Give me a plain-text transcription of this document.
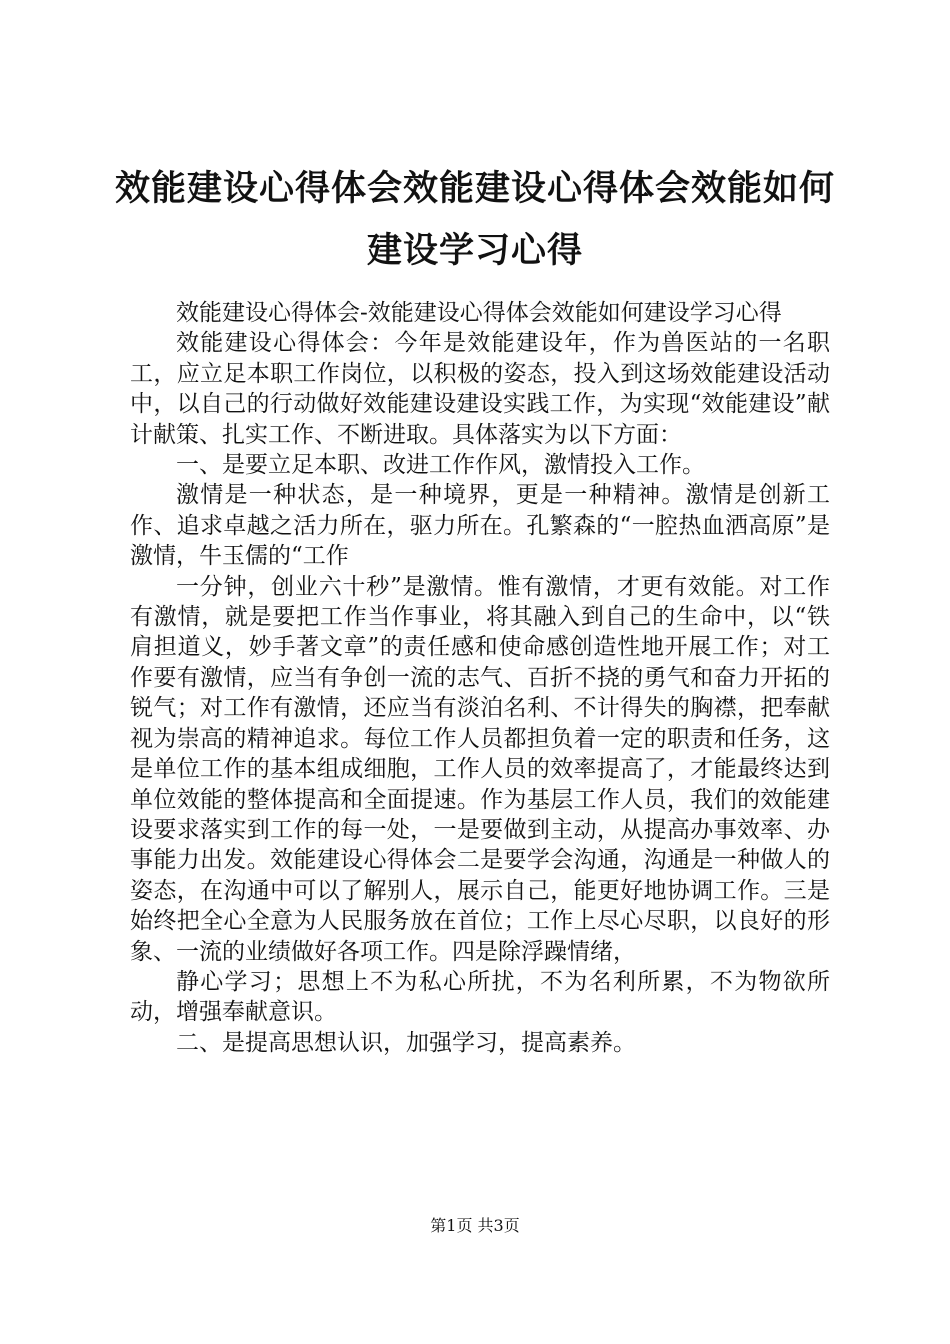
效能建设心得体会效能建设心得体会效能如何
建设学习心得

效能建设心得体会-效能建设心得体会效能如何建设学习心得

效能建设心得体会：今年是效能建设年，作为兽医站的一名职工，应立足本职工作岗位，以积极的姿态，投入到这场效能建设活动中，以自己的行动做好效能建设建设实践工作，为实现“效能建设”献计献策、扎实工作、不断进取。具体落实为以下方面：

一、是要立足本职、改进工作作风，激情投入工作。

激情是一种状态，是一种境界，更是一种精神。激情是创新工作、追求卓越之活力所在，驱力所在。孔繁森的“一腔热血洒高原”是激情，牛玉儒的“工作

一分钟，创业六十秒”是激情。惟有激情，才更有效能。对工作有激情，就是要把工作当作事业，将其融入到自己的生命中，以“铁肩担道义，妙手著文章”的责任感和使命感创造性地开展工作；对工作要有激情，应当有争创一流的志气、百折不挠的勇气和奋力开拓的锐气；对工作有激情，还应当有淡泊名利、不计得失的胸襟，把奉献视为崇高的精神追求。每位工作人员都担负着一定的职责和任务，这是单位工作的基本组成细胞，工作人员的效率提高了，才能最终达到单位效能的整体提高和全面提速。作为基层工作人员，我们的效能建设要求落实到工作的每一处，一是要做到主动，从提高办事效率、办事能力出发。效能建设心得体会二是要学会沟通，沟通是一种做人的姿态，在沟通中可以了解别人，展示自己，能更好地协调工作。三是始终把全心全意为人民服务放在首位；工作上尽心尽职，以良好的形象、一流的业绩做好各项工作。四是除浮躁情绪，

静心学习；思想上不为私心所扰，不为名利所累，不为物欲所动，增强奉献意识。

二、是提高思想认识，加强学习，提高素养。

第1页 共3页
